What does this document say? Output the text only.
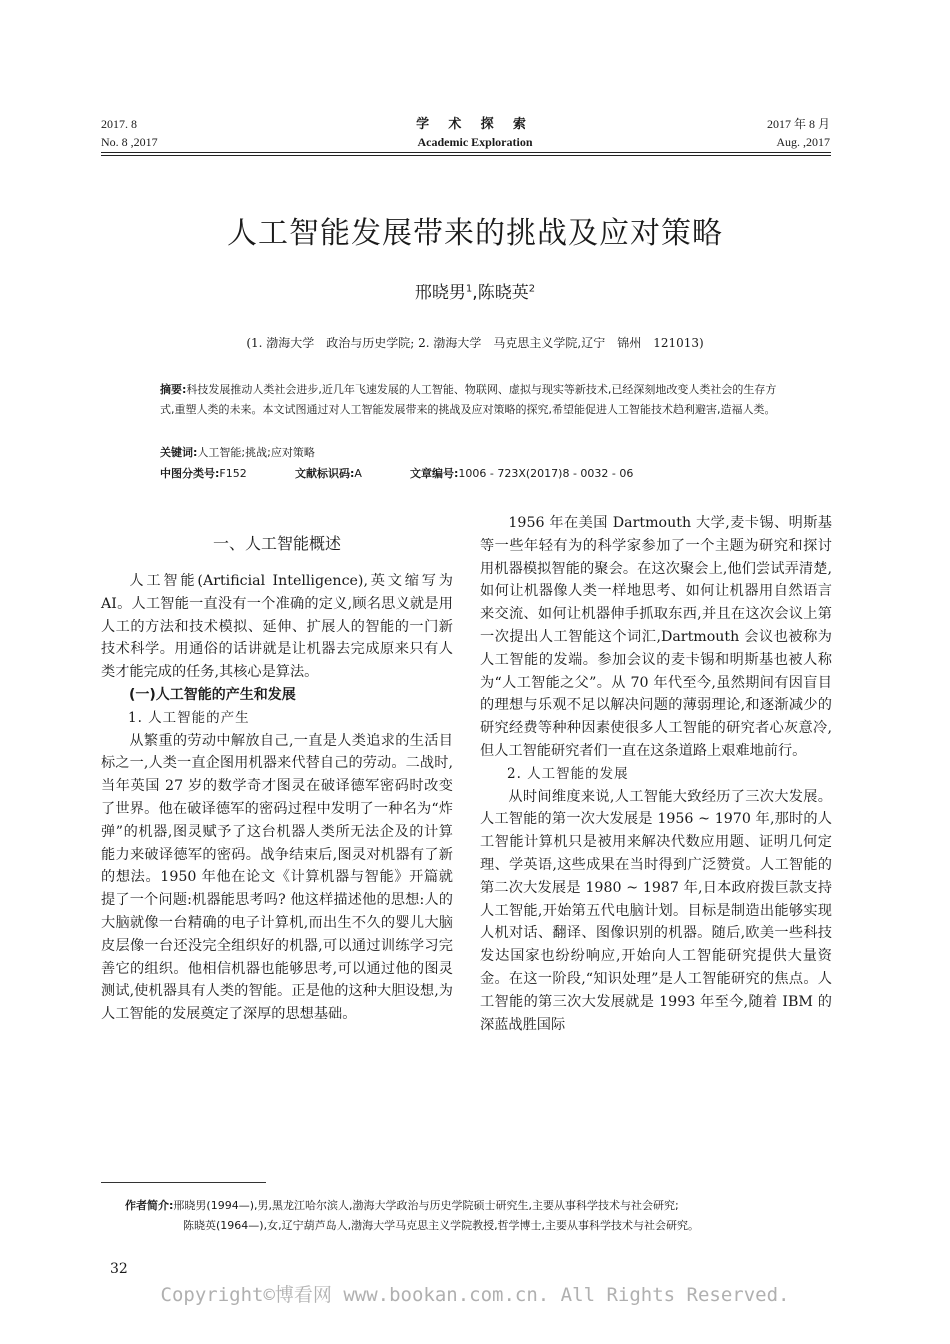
2017. 8
No. 8 ,2017
学 术 探 索
Academic Exploration
2017 年 8 月
Aug. ,2017
人工智能发展带来的挑战及应对策略
邢晓男$^1$,陈晓英$^2$
(1. 渤海大学　政治与历史学院; 2. 渤海大学　马克思主义学院,辽宁　锦州　121013)
摘要:科技发展推动人类社会进步,近几年飞速发展的人工智能、物联网、虚拟与现实等新技术,已经深刻地改变人类社会的生存方式,重塑人类的未来。本文试图通过对人工智能发展带来的挑战及应对策略的探究,希望能促进人工智能技术趋利避害,造福人类。
关键词:人工智能;挑战;应对策略
中图分类号:F152	文献标识码:A	文章编号:1006 - 723X(2017)8 - 0032 - 06
一、人工智能概述

人工智能(Artificial Intelligence),英文缩写为 AI。人工智能一直没有一个准确的定义,顾名思义就是用人工的方法和技术模拟、延伸、扩展人的智能的一门新技术科学。用通俗的话讲就是让机器去完成原来只有人类才能完成的任务,其核心是算法。

(一)人工智能的产生和发展
1. 人工智能的产生

从繁重的劳动中解放自己,一直是人类追求的生活目标之一,人类一直企图用机器来代替自己的劳动。二战时,当年英国 27 岁的数学奇才图灵在破译德军密码时改变了世界。他在破译德军的密码过程中发明了一种名为“炸弹”的机器,图灵赋予了这台机器人类所无法企及的计算能力来破译德军的密码。战争结束后,图灵对机器有了新的想法。1950 年他在论文《计算机器与智能》开篇就提了一个问题:机器能思考吗? 他这样描述他的思想:人的大脑就像一台精确的电子计算机,而出生不久的婴儿大脑皮层像一台还没完全组织好的机器,可以通过训练学习完善它的组织。他相信机器也能够思考,可以通过他的图灵测试,使机器具有人类的智能。正是他的这种大胆设想,为人工智能的发展奠定了深厚的思想基础。

1956 年在美国 Dartmouth 大学,麦卡锡、明斯基等一些年轻有为的科学家参加了一个主题为研究和探讨用机器模拟智能的聚会。在这次聚会上,他们尝试弄清楚,如何让机器像人类一样地思考、如何让机器用自然语言来交流、如何让机器伸手抓取东西,并且在这次会议上第一次提出人工智能这个词汇,Dartmouth 会议也被称为人工智能的发端。参加会议的麦卡锡和明斯基也被人称为“人工智能之父”。从 70 年代至今,虽然期间有因盲目的理想与乐观不足以解决问题的薄弱理论,和逐渐减少的研究经费等种种因素使很多人工智能的研究者心灰意冷,但人工智能研究者们一直在这条道路上艰难地前行。

2. 人工智能的发展

从时间维度来说,人工智能大致经历了三次大发展。人工智能的第一次大发展是 1956 ~ 1970 年,那时的人工智能计算机只是被用来解决代数应用题、证明几何定理、学英语,这些成果在当时得到广泛赞赏。人工智能的第二次大发展是 1980 ~ 1987 年,日本政府拨巨款支持人工智能,开始第五代电脑计划。目标是制造出能够实现人机对话、翻译、图像识别的机器。随后,欧美一些科技发达国家也纷纷响应,开始向人工智能研究提供大量资金。在这一阶段,“知识处理”是人工智能研究的焦点。人工智能的第三次大发展就是 1993 年至今,随着 IBM 的深蓝战胜国际

作者简介:邢晓男(1994—),男,黑龙江哈尔滨人,渤海大学政治与历史学院硕士研究生,主要从事科学技术与社会研究;
陈晓英(1964—),女,辽宁葫芦岛人,渤海大学马克思主义学院教授,哲学博士,主要从事科学技术与社会研究。
32
Copyright©博看网 www.bookan.com.cn. All Rights Reserved.
